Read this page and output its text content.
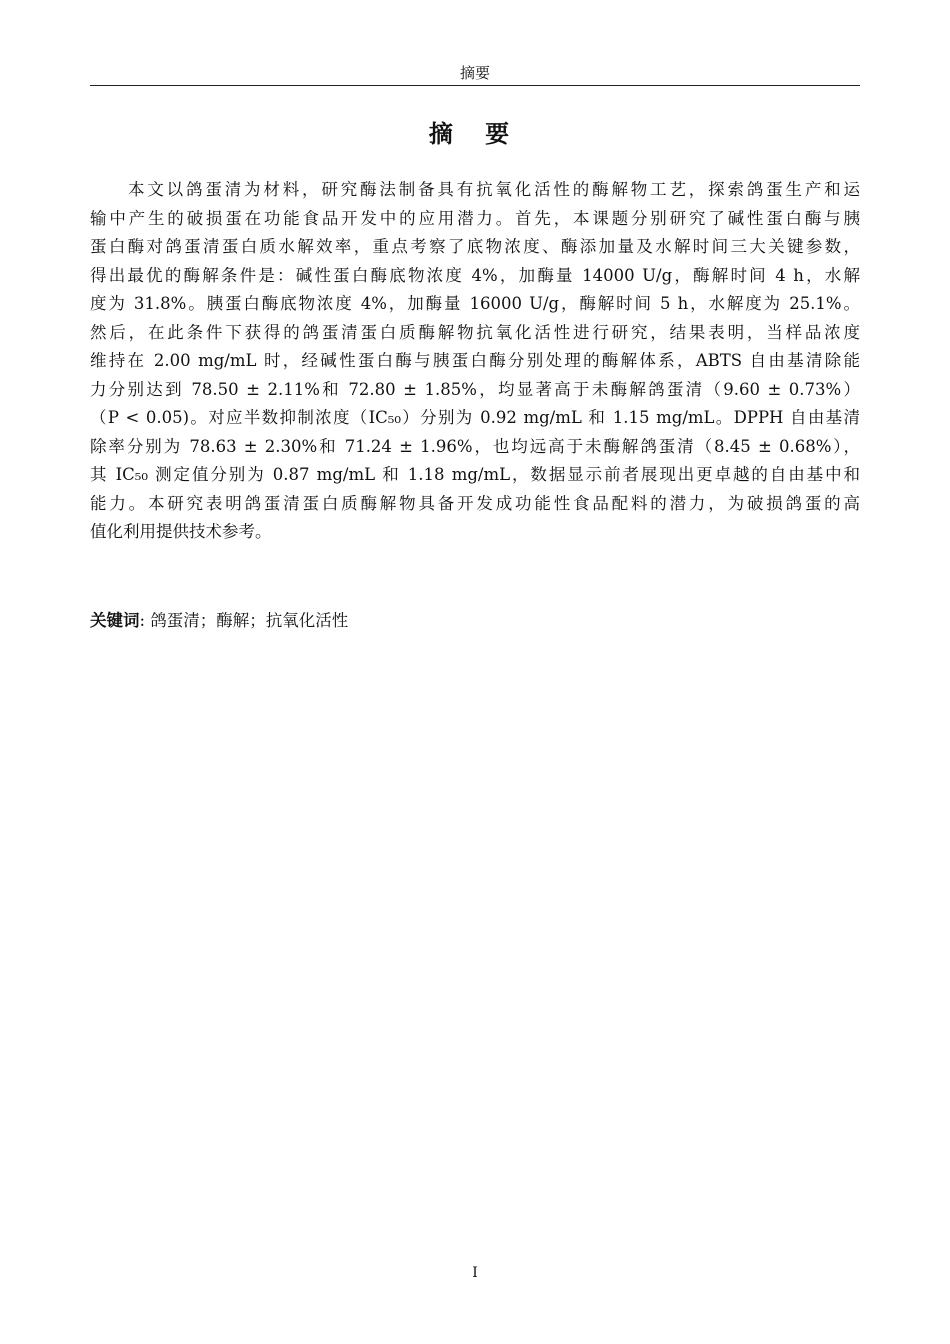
摘要
摘 要
本文以鸽蛋清为材料，研究酶法制备具有抗氧化活性的酶解物工艺，探索鸽蛋生产和运
输中产生的破损蛋在功能食品开发中的应用潜力。首先，本课题分别研究了碱性蛋白酶与胰
蛋白酶对鸽蛋清蛋白质水解效率，重点考察了底物浓度、酶添加量及水解时间三大关键参数，
得出最优的酶解条件是：碱性蛋白酶底物浓度 4%，加酶量 14000 U/g，酶解时间 4 h，水解
度为 31.8%。胰蛋白酶底物浓度 4%，加酶量 16000 U/g，酶解时间 5 h，水解度为 25.1%。
然后，在此条件下获得的鸽蛋清蛋白质酶解物抗氧化活性进行研究，结果表明，当样品浓度
维持在 2.00 mg/mL 时，经碱性蛋白酶与胰蛋白酶分别处理的酶解体系，ABTS 自由基清除能
力分别达到 78.50 ± 2.11%和 72.80 ± 1.85%，均显著高于未酶解鸽蛋清（9.60 ± 0.73%）
（P < 0.05)。对应半数抑制浓度（IC₅₀）分别为 0.92 mg/mL 和 1.15 mg/mL。DPPH 自由基清
除率分别为 78.63 ± 2.30%和 71.24 ± 1.96%，也均远高于未酶解鸽蛋清（8.45 ± 0.68%），
其 IC₅₀ 测定值分别为 0.87 mg/mL 和 1.18 mg/mL，数据显示前者展现出更卓越的自由基中和
能力。本研究表明鸽蛋清蛋白质酶解物具备开发成功能性食品配料的潜力，为破损鸽蛋的高
值化利用提供技术参考。
关键词: 鸽蛋清；酶解；抗氧化活性
I
